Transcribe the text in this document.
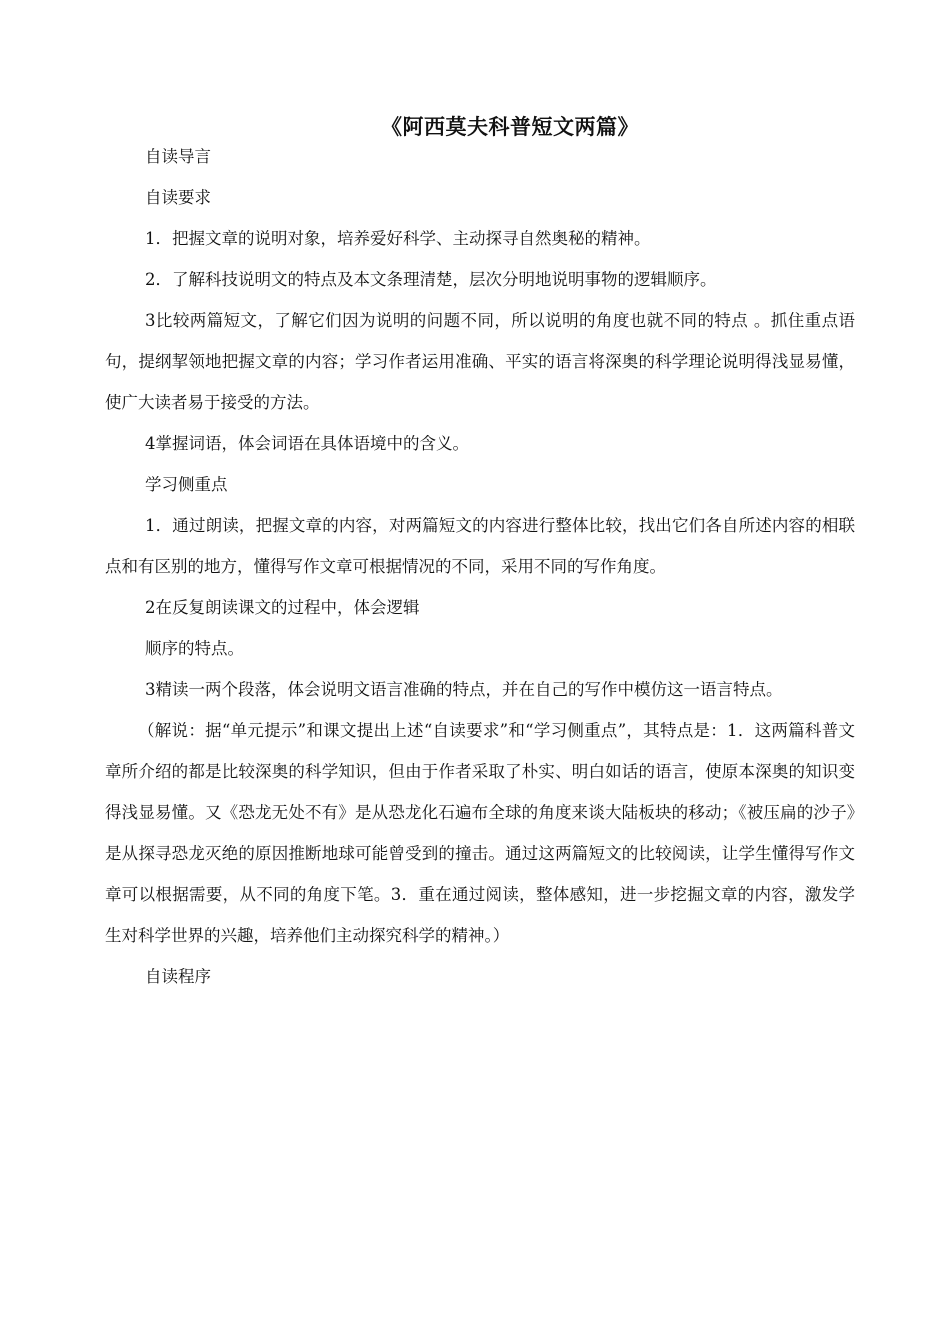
《阿西莫夫科普短文两篇》

自读导言

自读要求

1．把握文章的说明对象，培养爱好科学、主动探寻自然奥秘的精神。

2．了解科技说明文的特点及本文条理清楚，层次分明地说明事物的逻辑顺序。

3比较两篇短文，了解它们因为说明的问题不同，所以说明的角度也就不同的特点 。抓住重点语句，提纲挈领地把握文章的内容；学习作者运用准确、平实的语言将深奥的科学理论说明得浅显易懂，使广大读者易于接受的方法。

4掌握词语，体会词语在具体语境中的含义。

学习侧重点

1．通过朗读，把握文章的内容，对两篇短文的内容进行整体比较，找出它们各自所述内容的相联点和有区别的地方，懂得写作文章可根据情况的不同，采用不同的写作角度。

2在反复朗读课文的过程中，体会逻辑

顺序的特点。

3精读一两个段落，体会说明文语言准确的特点，并在自己的写作中模仿这一语言特点。

（解说：据“单元提示”和课文提出上述“自读要求”和“学习侧重点”，其特点是：1．这两篇科普文章所介绍的都是比较深奥的科学知识，但由于作者采取了朴实、明白如话的语言，使原本深奥的知识变得浅显易懂。又《恐龙无处不有》是从恐龙化石遍布全球的角度来谈大陆板块的移动；《被压扁的沙子》是从探寻恐龙灭绝的原因推断地球可能曾受到的撞击。通过这两篇短文的比较阅读，让学生懂得写作文章可以根据需要，从不同的角度下笔。3．重在通过阅读，整体感知，进一步挖掘文章的内容，激发学生对科学世界的兴趣，培养他们主动探究科学的精神。）

自读程序
